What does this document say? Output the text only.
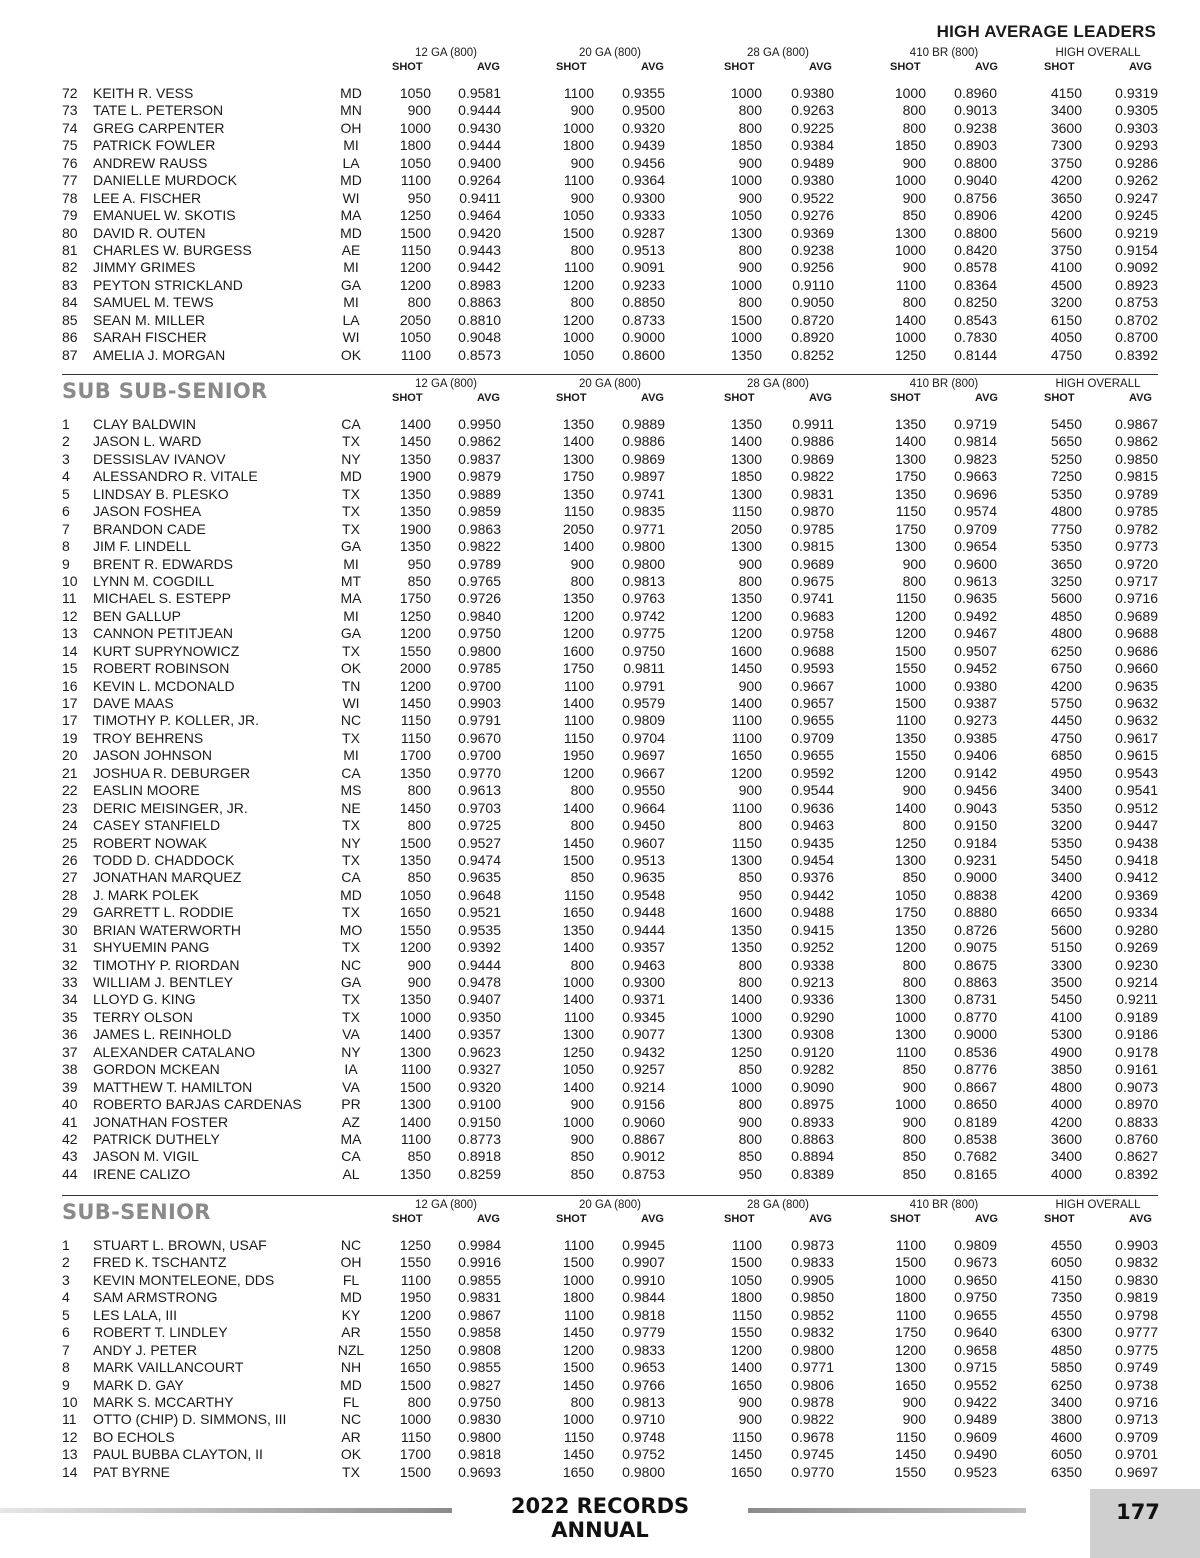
HIGH AVERAGE LEADERS
12 GA (800)
SHOT	AVG
20 GA (800)
SHOT	AVG
28 GA (800)
SHOT	AVG
410 BR (800)
SHOT	AVG
HIGH OVERALL
SHOT	AVG
72 KEITH R. VESS	MD	1050 0.9581	1100 0.9355	1000 0.9380	1000 0.8960	4150 0.9319
73 TATE L. PETERSON	MN	900 0.9444	900 0.9500	800 0.9263	800 0.9013	3400 0.9305
74 GREG CARPENTER	OH	1000 0.9430	1000 0.9320	800 0.9225	800 0.9238	3600 0.9303
75 PATRICK FOWLER	MI	1800 0.9444	1800 0.9439	1850 0.9384	1850 0.8903	7300 0.9293
76 ANDREW RAUSS	LA	1050 0.9400	900 0.9456	900 0.9489	900 0.8800	3750 0.9286
77 DANIELLE MURDOCK	MD	1100 0.9264	1100 0.9364	1000 0.9380	1000 0.9040	4200 0.9262
78 LEE A. FISCHER	WI	950 0.9411	900 0.9300	900 0.9522	900 0.8756	3650 0.9247
79 EMANUEL W. SKOTIS	MA	1250 0.9464	1050 0.9333	1050 0.9276	850 0.8906	4200 0.9245
80 DAVID R. OUTEN	MD	1500 0.9420	1500 0.9287	1300 0.9369	1300 0.8800	5600 0.9219
81 CHARLES W. BURGESS	AE	1150 0.9443	800 0.9513	800 0.9238	1000 0.8420	3750 0.9154
82 JIMMY GRIMES	MI	1200 0.9442	1100 0.9091	900 0.9256	900 0.8578	4100 0.9092
83 PEYTON STRICKLAND	GA	1200 0.8983	1200 0.9233	1000 0.9110	1100 0.8364	4500 0.8923
84 SAMUEL M. TEWS	MI	800 0.8863	800 0.8850	800 0.9050	800 0.8250	3200 0.8753
85 SEAN M. MILLER	LA	2050 0.8810	1200 0.8733	1500 0.8720	1400 0.8543	6150 0.8702
86 SARAH FISCHER	WI	1050 0.9048	1000 0.9000	1000 0.8920	1000 0.7830	4050 0.8700
87 AMELIA J. MORGAN	OK	1100 0.8573	1050 0.8600	1350 0.8252	1250 0.8144	4750 0.8392
SUB SUB-SENIOR	12 GA (800)
SHOT	AVG
20 GA (800)
SHOT	AVG
28 GA (800)
SHOT	AVG
410 BR (800)
SHOT	AVG
HIGH OVERALL
SHOT	AVG
1 CLAY BALDWIN	CA	1400 0.9950	1350 0.9889	1350 0.9911	1350 0.9719	5450 0.9867
2 JASON L. WARD	TX	1450 0.9862	1400 0.9886	1400 0.9886	1400 0.9814	5650 0.9862
3 DESSISLAV IVANOV	NY	1350 0.9837	1300 0.9869	1300 0.9869	1300 0.9823	5250 0.9850
4 ALESSANDRO R. VITALE	MD	1900 0.9879	1750 0.9897	1850 0.9822	1750 0.9663	7250 0.9815
5 LINDSAY B. PLESKO	TX	1350 0.9889	1350 0.9741	1300 0.9831	1350 0.9696	5350 0.9789
6 JASON FOSHEA	TX	1350 0.9859	1150 0.9835	1150 0.9870	1150 0.9574	4800 0.9785
7 BRANDON CADE	TX	1900 0.9863	2050 0.9771	2050 0.9785	1750 0.9709	7750 0.9782
8 JIM F. LINDELL	GA	1350 0.9822	1400 0.9800	1300 0.9815	1300 0.9654	5350 0.9773
9 BRENT R. EDWARDS	MI	950 0.9789	900 0.9800	900 0.9689	900 0.9600	3650 0.9720
10 LYNN M. COGDILL	MT	850 0.9765	800 0.9813	800 0.9675	800 0.9613	3250 0.9717
11 MICHAEL S. ESTEPP	MA	1750 0.9726	1350 0.9763	1350 0.9741	1150 0.9635	5600 0.9716
12 BEN GALLUP	MI	1250 0.9840	1200 0.9742	1200 0.9683	1200 0.9492	4850 0.9689
13 CANNON PETITJEAN	GA	1200 0.9750	1200 0.9775	1200 0.9758	1200 0.9467	4800 0.9688
14 KURT SUPRYNOWICZ	TX	1550 0.9800	1600 0.9750	1600 0.9688	1500 0.9507	6250 0.9686
15 ROBERT ROBINSON	OK	2000 0.9785	1750 0.9811	1450 0.9593	1550 0.9452	6750 0.9660
16 KEVIN L. MCDONALD	TN	1200 0.9700	1100 0.9791	900 0.9667	1000 0.9380	4200 0.9635
17 DAVE MAAS	WI	1450 0.9903	1400 0.9579	1400 0.9657	1500 0.9387	5750 0.9632
17 TIMOTHY P. KOLLER, JR.	NC	1150 0.9791	1100 0.9809	1100 0.9655	1100 0.9273	4450 0.9632
19 TROY BEHRENS	TX	1150 0.9670	1150 0.9704	1100 0.9709	1350 0.9385	4750 0.9617
20 JASON JOHNSON	MI	1700 0.9700	1950 0.9697	1650 0.9655	1550 0.9406	6850 0.9615
21 JOSHUA R. DEBURGER	CA	1350 0.9770	1200 0.9667	1200 0.9592	1200 0.9142	4950 0.9543
22 EASLIN MOORE	MS	800 0.9613	800 0.9550	900 0.9544	900 0.9456	3400 0.9541
23 DERIC MEISINGER, JR.	NE	1450 0.9703	1400 0.9664	1100 0.9636	1400 0.9043	5350 0.9512
24 CASEY STANFIELD	TX	800 0.9725	800 0.9450	800 0.9463	800 0.9150	3200 0.9447
25 ROBERT NOWAK	NY	1500 0.9527	1450 0.9607	1150 0.9435	1250 0.9184	5350 0.9438
26 TODD D. CHADDOCK	TX	1350 0.9474	1500 0.9513	1300 0.9454	1300 0.9231	5450 0.9418
27 JONATHAN MARQUEZ	CA	850 0.9635	850 0.9635	850 0.9376	850 0.9000	3400 0.9412
28 J. MARK POLEK	MD	1050 0.9648	1150 0.9548	950 0.9442	1050 0.8838	4200 0.9369
29 GARRETT L. RODDIE	TX	1650 0.9521	1650 0.9448	1600 0.9488	1750 0.8880	6650 0.9334
30 BRIAN WATERWORTH	MO	1550 0.9535	1350 0.9444	1350 0.9415	1350 0.8726	5600 0.9280
31 SHYUEMIN PANG	TX	1200 0.9392	1400 0.9357	1350 0.9252	1200 0.9075	5150 0.9269
32 TIMOTHY P. RIORDAN	NC	900 0.9444	800 0.9463	800 0.9338	800 0.8675	3300 0.9230
33 WILLIAM J. BENTLEY	GA	900 0.9478	1000 0.9300	800 0.9213	800 0.8863	3500 0.9214
34 LLOYD G. KING	TX	1350 0.9407	1400 0.9371	1400 0.9336	1300 0.8731	5450 0.9211
35 TERRY OLSON	TX	1000 0.9350	1100 0.9345	1000 0.9290	1000 0.8770	4100 0.9189
36 JAMES L. REINHOLD	VA	1400 0.9357	1300 0.9077	1300 0.9308	1300 0.9000	5300 0.9186
37 ALEXANDER CATALANO	NY	1300 0.9623	1250 0.9432	1250 0.9120	1100 0.8536	4900 0.9178
38 GORDON MCKEAN	IA	1100 0.9327	1050 0.9257	850 0.9282	850 0.8776	3850 0.9161
39 MATTHEW T. HAMILTON	VA	1500 0.9320	1400 0.9214	1000 0.9090	900 0.8667	4800 0.9073
40 ROBERTO BARJAS CARDENAS	PR	1300 0.9100	900 0.9156	800 0.8975	1000 0.8650	4000 0.8970
41 JONATHAN FOSTER	AZ	1400 0.9150	1000 0.9060	900 0.8933	900 0.8189	4200 0.8833
42 PATRICK DUTHELY	MA	1100 0.8773	900 0.8867	800 0.8863	800 0.8538	3600 0.8760
43 JASON M. VIGIL	CA	850 0.8918	850 0.9012	850 0.8894	850 0.7682	3400 0.8627
44 IRENE CALIZO	AL	1350 0.8259	850 0.8753	950 0.8389	850 0.8165	4000 0.8392
SUB-SENIOR	12 GA (800)
SHOT	AVG
20 GA (800)
SHOT	AVG
28 GA (800)
SHOT	AVG
410 BR (800)
SHOT	AVG
HIGH OVERALL
SHOT	AVG
1 STUART L. BROWN, USAF	NC	1250 0.9984	1100 0.9945	1100 0.9873	1100 0.9809	4550 0.9903
2 FRED K. TSCHANTZ	OH	1550 0.9916	1500 0.9907	1500 0.9833	1500 0.9673	6050 0.9832
3 KEVIN MONTELEONE, DDS	FL	1100 0.9855	1000 0.9910	1050 0.9905	1000 0.9650	4150 0.9830
4 SAM ARMSTRONG	MD	1950 0.9831	1800 0.9844	1800 0.9850	1800 0.9750	7350 0.9819
5 LES LALA, III	KY	1200 0.9867	1100 0.9818	1150 0.9852	1100 0.9655	4550 0.9798
6 ROBERT T. LINDLEY	AR	1550 0.9858	1450 0.9779	1550 0.9832	1750 0.9640	6300 0.9777
7 ANDY J. PETER	NZL	1250 0.9808	1200 0.9833	1200 0.9800	1200 0.9658	4850 0.9775
8 MARK VAILLANCOURT	NH	1650 0.9855	1500 0.9653	1400 0.9771	1300 0.9715	5850 0.9749
9 MARK D. GAY	MD	1500 0.9827	1450 0.9766	1650 0.9806	1650 0.9552	6250 0.9738
10 MARK S. MCCARTHY	FL	800 0.9750	800 0.9813	900 0.9878	900 0.9422	3400 0.9716
11 OTTO (CHIP) D. SIMMONS, III	NC	1000 0.9830	1000 0.9710	900 0.9822	900 0.9489	3800 0.9713
12 BO ECHOLS	AR	1150 0.9800	1150 0.9748	1150 0.9678	1150 0.9609	4600 0.9709
13 PAUL BUBBA CLAYTON, II	OK	1700 0.9818	1450 0.9752	1450 0.9745	1450 0.9490	6050 0.9701
14 PAT BYRNE	TX	1500 0.9693	1650 0.9800	1650 0.9770	1550 0.9523	6350 0.9697
2022 RECORDS ANNUAL
177
